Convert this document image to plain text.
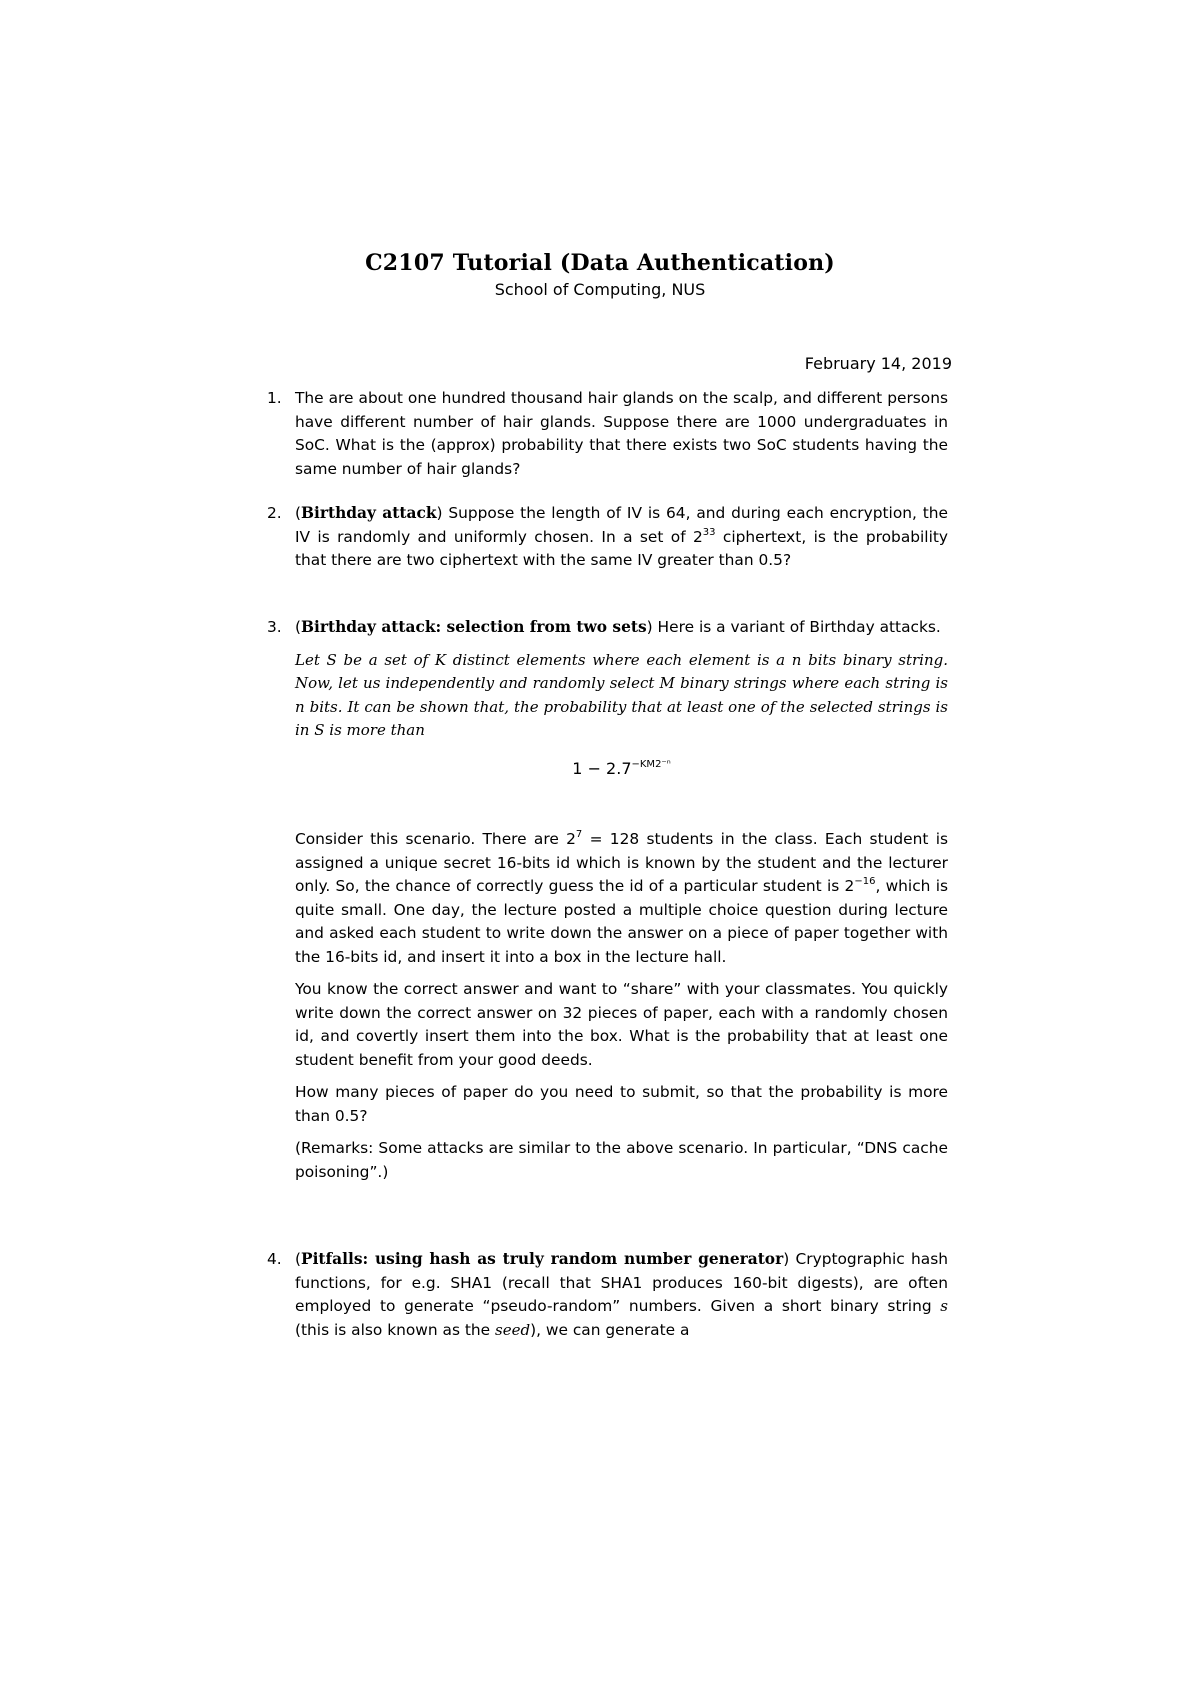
C2107 Tutorial (Data Authentication)
School of Computing, NUS
February 14, 2019
1. The are about one hundred thousand hair glands on the scalp, and different persons have different number of hair glands. Suppose there are 1000 undergraduates in SoC. What is the (approx) probability that there exists two SoC students having the same number of hair glands?

2. (Birthday attack) Suppose the length of IV is 64, and during each encryption, the IV is randomly and uniformly chosen. In a set of $2^{33}$ ciphertext, is the probability that there are two ciphertext with the same IV greater than 0.5?

3. (Birthday attack: selection from two sets) Here is a variant of Birthday attacks.

Let S be a set of K distinct elements where each element is a n bits binary string. Now, let us independently and randomly select M binary strings where each string is n bits. It can be shown that, the probability that at least one of the selected strings is in S is more than

$1 - 2.7^{-KM2^{-n}}$

Consider this scenario. There are $2^7 = 128$ students in the class. Each student is assigned a unique secret 16-bits id which is known by the student and the lecturer only. So, the chance of correctly guess the id of a particular student is $2^{-16}$, which is quite small. One day, the lecture posted a multiple choice question during lecture and asked each student to write down the answer on a piece of paper together with the 16-bits id, and insert it into a box in the lecture hall.

You know the correct answer and want to “share” with your classmates. You quickly write down the correct answer on 32 pieces of paper, each with a randomly chosen id, and covertly insert them into the box. What is the probability that at least one student benefit from your good deeds.

How many pieces of paper do you need to submit, so that the probability is more than 0.5?

(Remarks: Some attacks are similar to the above scenario. In particular, “DNS cache poisoning”.)

4. (Pitfalls: using hash as truly random number generator) Cryptographic hash functions, for e.g. SHA1 (recall that SHA1 produces 160-bit digests), are often employed to generate “pseudo-random” numbers. Given a short binary string s (this is also known as the seed), we can generate a
